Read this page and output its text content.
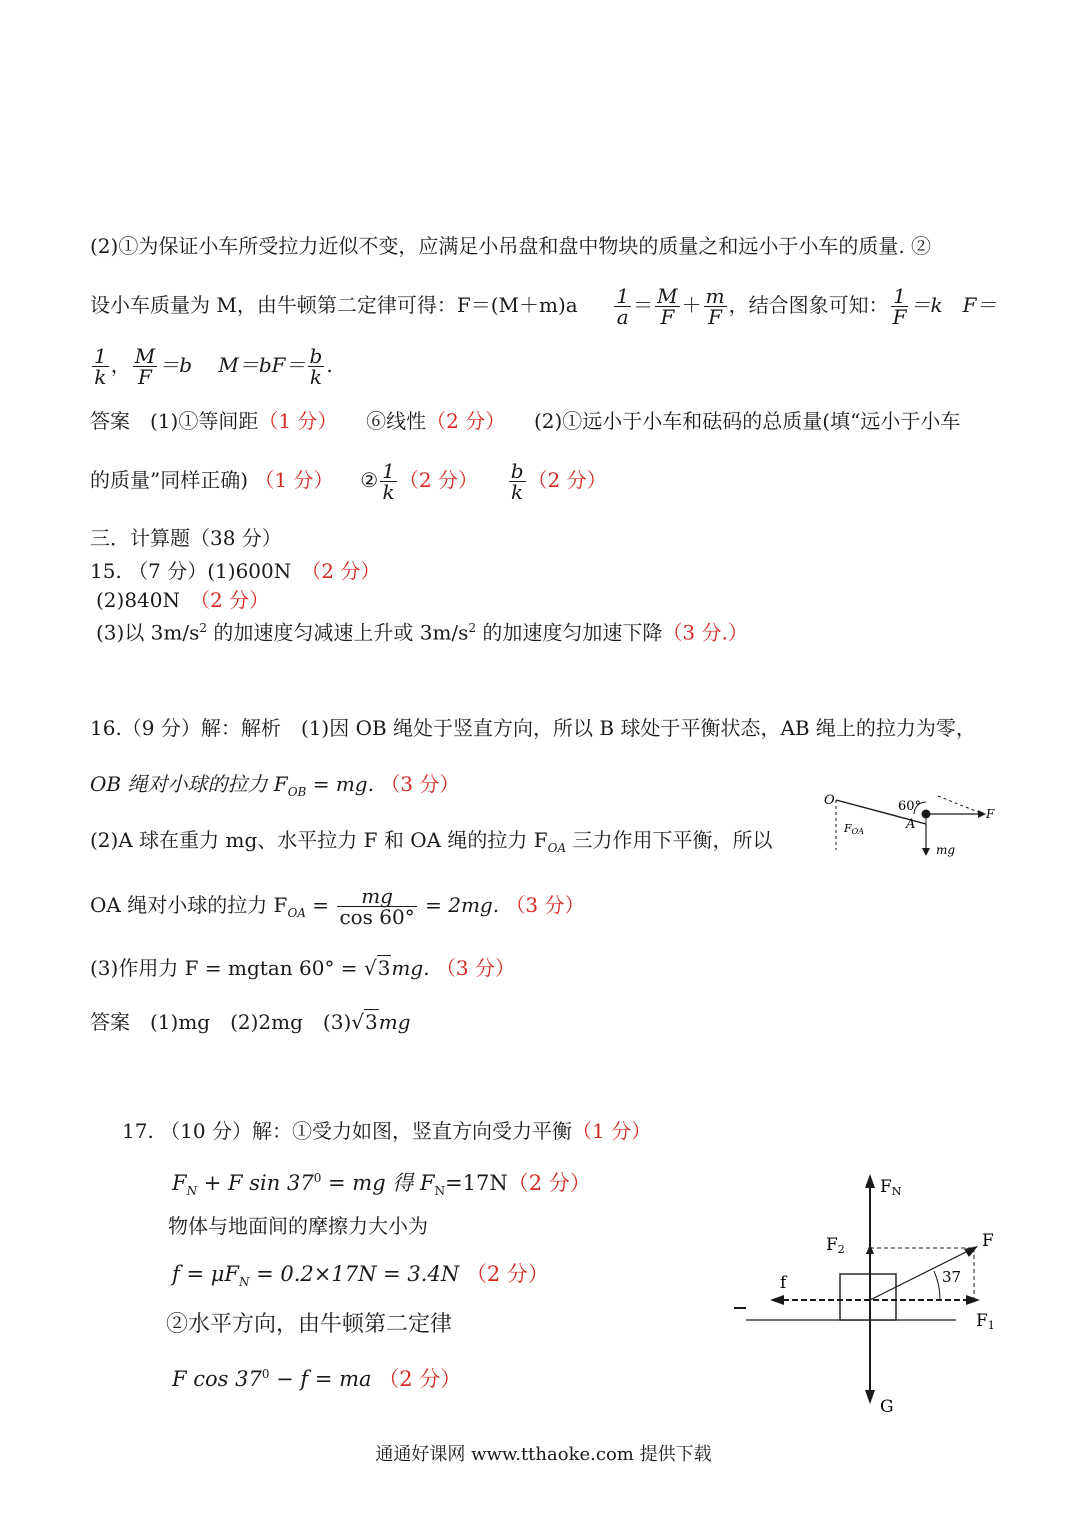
(2)①为保证小车所受拉力近似不变，应满足小吊盘和盘中物块的质量之和远小于小车的质量. ②
设小车质量为 M，由牛顿第二定律可得：$F=(M+m)a \frac{1}{a} = \frac{M}{F} + \frac{m}{F}$ ，结合图象可知： $\frac{1}{F} =k$　F＝
$\frac{1}{k}$ ， $\frac{M}{F} =b$　 $M=bF= \frac{b}{k}$ .
答案　(1)①等间距（1 分） ⑥线性（2 分） (2)①远小于小车和砝码的总质量(填“远小于小车
的质量”同样正确) （1 分） ② $\frac{1}{k} (2$ 分） $\frac{b}{k} (2$ 分）
三．计算题（38 分）
15. （7 分）(1)600N （2 分）
(2)840N （2 分）
(3)以 $3m/s^2$ 的加速度匀减速上升或 $3m/s^2$ 的加速度匀加速下降（3 分.）
16.（9 分）解：解析　(1)因 OB 绳处于竖直方向，所以 B 球处于平衡状态，AB 绳上的拉力为零，
OB 绳对小球的拉力 $F_{OB}$ = mg. （3 分）
(2)A 球在重力 mg、水平拉力 F 和 OA 绳的拉力 $F_{OA}$ 三力作用下平衡，所以
OA 绳对小球的拉力 $F_{OA} = \frac{mg}{\cos 60^\circ} = 2mg$. （3 分）
(3)作用力 F = mgtan 60° = √3mg. （3 分）
答案　(1)mg　(2)2mg　(3)√3mg
O	60°
FOA	A
F
mg
17. （10 分）解：①受力如图，竖直方向受力平衡（1 分）
$F_N + F$ $\sin 37^0$ = mg 得 $F_N=17N(2$ 分）
物体与地面间的摩擦力大小为
$f = \mu F_N = 0.2\times 17N = 3.4N$ （2 分）
②水平方向，由牛顿第二定律
F $\cos 37^0 - f$ = ma （2 分）
FN
F2	F
f	37
F1
G
通通好课网 www.tthaoke.com 提供下载
